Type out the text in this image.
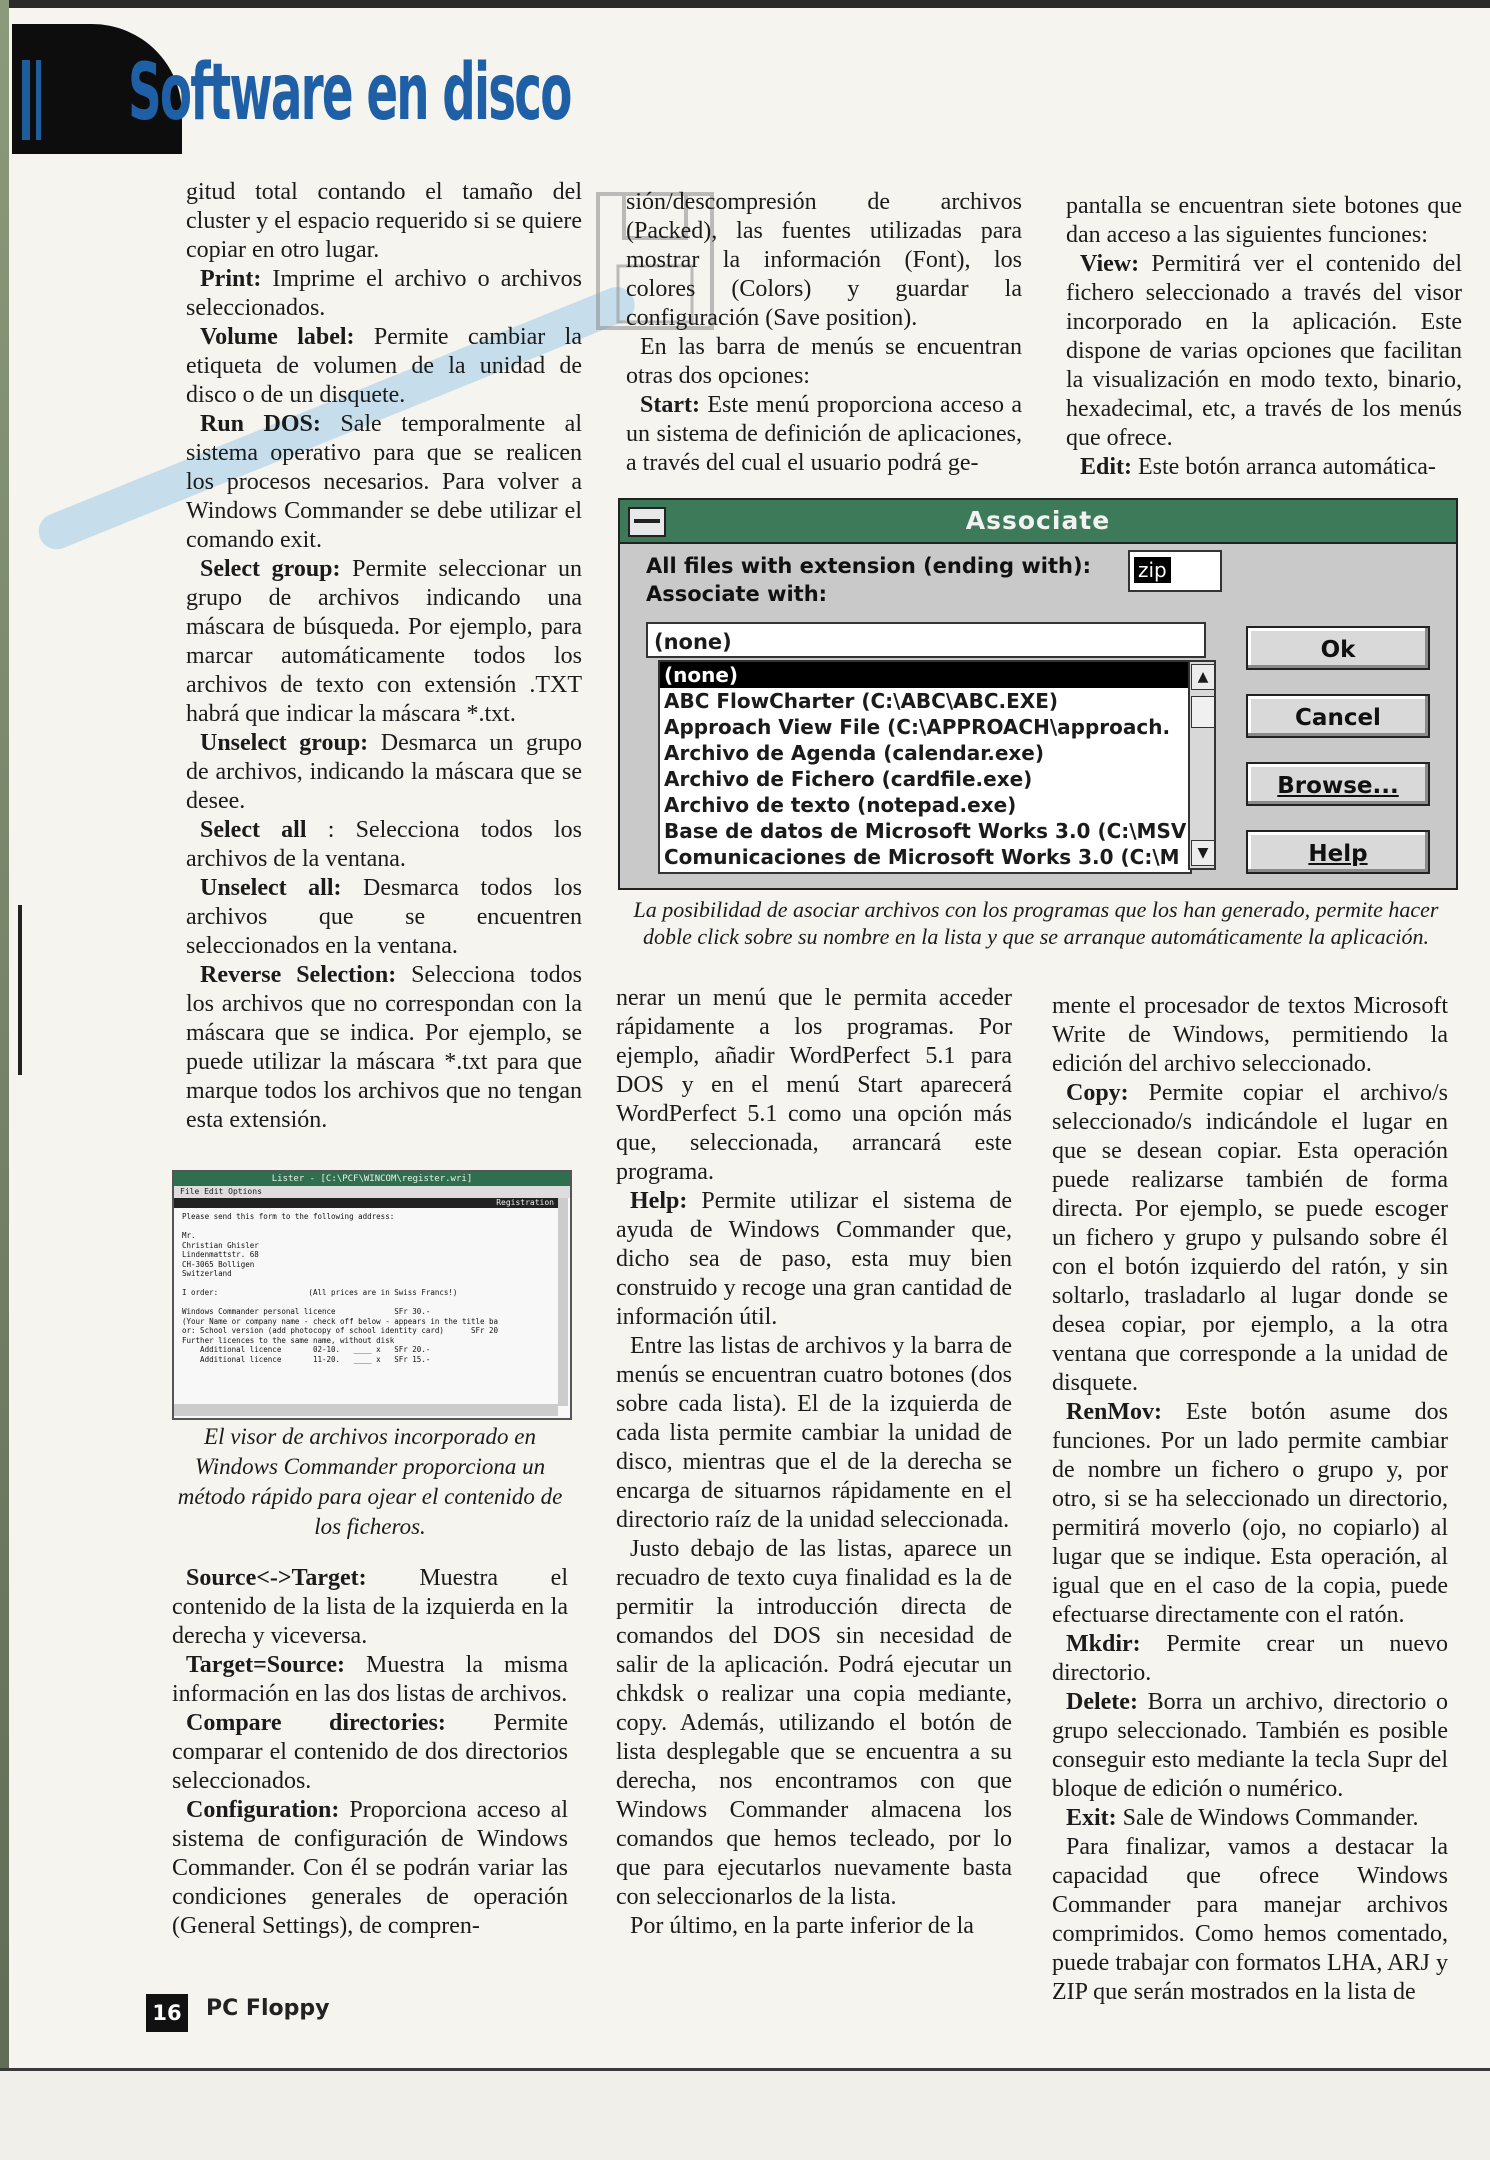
Software en disco

gitud total contando el tamaño del cluster y el espacio requerido si se quiere copiar en otro lugar.

Print: Imprime el archivo o archivos seleccionados.

Volume label: Permite cambiar la etiqueta de volumen de la unidad de disco o de un disquete.

Run DOS: Sale temporalmente al sistema operativo para que se realicen los procesos necesarios. Para volver a Windows Commander se debe utilizar el comando exit.

Select group: Permite seleccionar un grupo de archivos indicando una máscara de búsqueda. Por ejemplo, para marcar automáticamente todos los archivos de texto con extensión .TXT habrá que indicar la máscara *.txt.

Unselect group: Desmarca un grupo de archivos, indicando la máscara que se desee.

Select all : Selecciona todos los archivos de la ventana.

Unselect all: Desmarca todos los archivos que se encuentren seleccionados en la ventana.

Reverse Selection: Selecciona todos los archivos que no correspondan con la máscara que se indica. Por ejemplo, se puede utilizar la máscara *.txt para que marque todos los archivos que no tengan esta extensión.

sión/descompresión de archivos (Packed), las fuentes utilizadas para mostrar la información (Font), los colores (Colors) y guardar la configuración (Save position).

En las barra de menús se encuentran otras dos opciones:

Start: Este menú proporciona acceso a un sistema de definición de aplicaciones, a través del cual el usuario podrá ge-

pantalla se encuentran siete botones que dan acceso a las siguientes funciones:

View: Permitirá ver el contenido del fichero seleccionado a través del visor incorporado en la aplicación. Este dispone de varias opciones que facilitan la visualización en modo texto, binario, hexadecimal, etc, a través de los menús que ofrece.

Edit: Este botón arranca automática-

Associate
All files with extension (ending with): zip
Associate with:
(none)
(none)
ABC FlowCharter (C:\ABC\ABC.EXE)
Approach View File (C:\APPROACH\approach.
Archivo de Agenda (calendar.exe)
Archivo de Fichero (cardfile.exe)
Archivo de texto (notepad.exe)
Base de datos de Microsoft Works 3.0 (C:\MSV
Comunicaciones de Microsoft Works 3.0 (C:\M
▲
▼
Ok
Cancel
Browse...
Help
La posibilidad de asociar archivos con los programas que los han generado, permite hacer doble click sobre su nombre en la lista y que se arranque automáticamente la aplicación.

nerar un menú que le permita acceder rápidamente a los programas. Por ejemplo, añadir WordPerfect 5.1 para DOS y en el menú Start aparecerá WordPerfect 5.1 como una opción más que, seleccionada, arrancará este programa.

Help: Permite utilizar el sistema de ayuda de Windows Commander que, dicho sea de paso, esta muy bien construido y recoge una gran cantidad de información útil.

Entre las listas de archivos y la barra de menús se encuentran cuatro botones (dos sobre cada lista). El de la izquierda de cada lista permite cambiar la unidad de disco, mientras que el de la derecha se encarga de situarnos rápidamente en el directorio raíz de la unidad seleccionada.

Justo debajo de las listas, aparece un recuadro de texto cuya finalidad es la de permitir la introducción directa de comandos del DOS sin necesidad de salir de la aplicación. Podrá ejecutar un chkdsk o realizar una copia mediante, copy. Además, utilizando el botón de lista desplegable que se encuentra a su derecha, nos encontramos con que Windows Commander almacena los comandos que hemos tecleado, por lo que para ejecutarlos nuevamente basta con seleccionarlos de la lista.

Por último, en la parte inferior de la

mente el procesador de textos Microsoft Write de Windows, permitiendo la edición del archivo seleccionado.

Copy: Permite copiar el archivo/s seleccionado/s indicándole el lugar en que se desean copiar. Esta operación puede realizarse también de forma directa. Por ejemplo, se puede escoger un fichero y grupo y pulsando sobre él con el botón izquierdo del ratón, y sin soltarlo, trasladarlo al lugar donde se desea copiar, por ejemplo, a la otra ventana que corresponde a la unidad de disquete.

RenMov: Este botón asume dos funciones. Por un lado permite cambiar de nombre un fichero o grupo y, por otro, si se ha seleccionado un directorio, permitirá moverlo (ojo, no copiarlo) al lugar que se indique. Esta operación, al igual que en el caso de la copia, puede efectuarse directamente con el ratón.

Mkdir: Permite crear un nuevo directorio.

Delete: Borra un archivo, directorio o grupo seleccionado. También es posible conseguir esto mediante la tecla Supr del bloque de edición o numérico.

Exit: Sale de Windows Commander.

Para finalizar, vamos a destacar la capacidad que ofrece Windows Commander para manejar archivos comprimidos. Como hemos comentado, puede trabajar con formatos LHA, ARJ y ZIP que serán mostrados en la lista de

Lister - [C:\PCF\WINCOM\register.wri]
File Edit Options
Registration
Please send this form to the following address:

Mr.
Christian Ghisler
Lindenmattstr. 68
CH-3065 Bolligen
Switzerland

I order:                    (All prices are in Swiss Francs!)

Windows Commander personal licence             SFr 30.-
(Your Name or company name - check off below - appears in the title ba
or: School version (add photocopy of school identity card)      SFr 20
Further licences to the same name, without disk
Additional licence       02-10.   ____ x   SFr 20.-
Additional licence       11-20.   ____ x   SFr 15.-
El visor de archivos incorporado en Windows Commander proporciona un método rápido para ojear el contenido de los ficheros.

Source<->Target: Muestra el contenido de la lista de la izquierda en la derecha y viceversa.

Target=Source: Muestra la misma información en las dos listas de archivos.

Compare directories: Permite comparar el contenido de dos directorios seleccionados.

Configuration: Proporciona acceso al sistema de configuración de Windows Commander. Con él se podrán variar las condiciones generales de operación (General Settings), de compren-

16 PC Floppy
